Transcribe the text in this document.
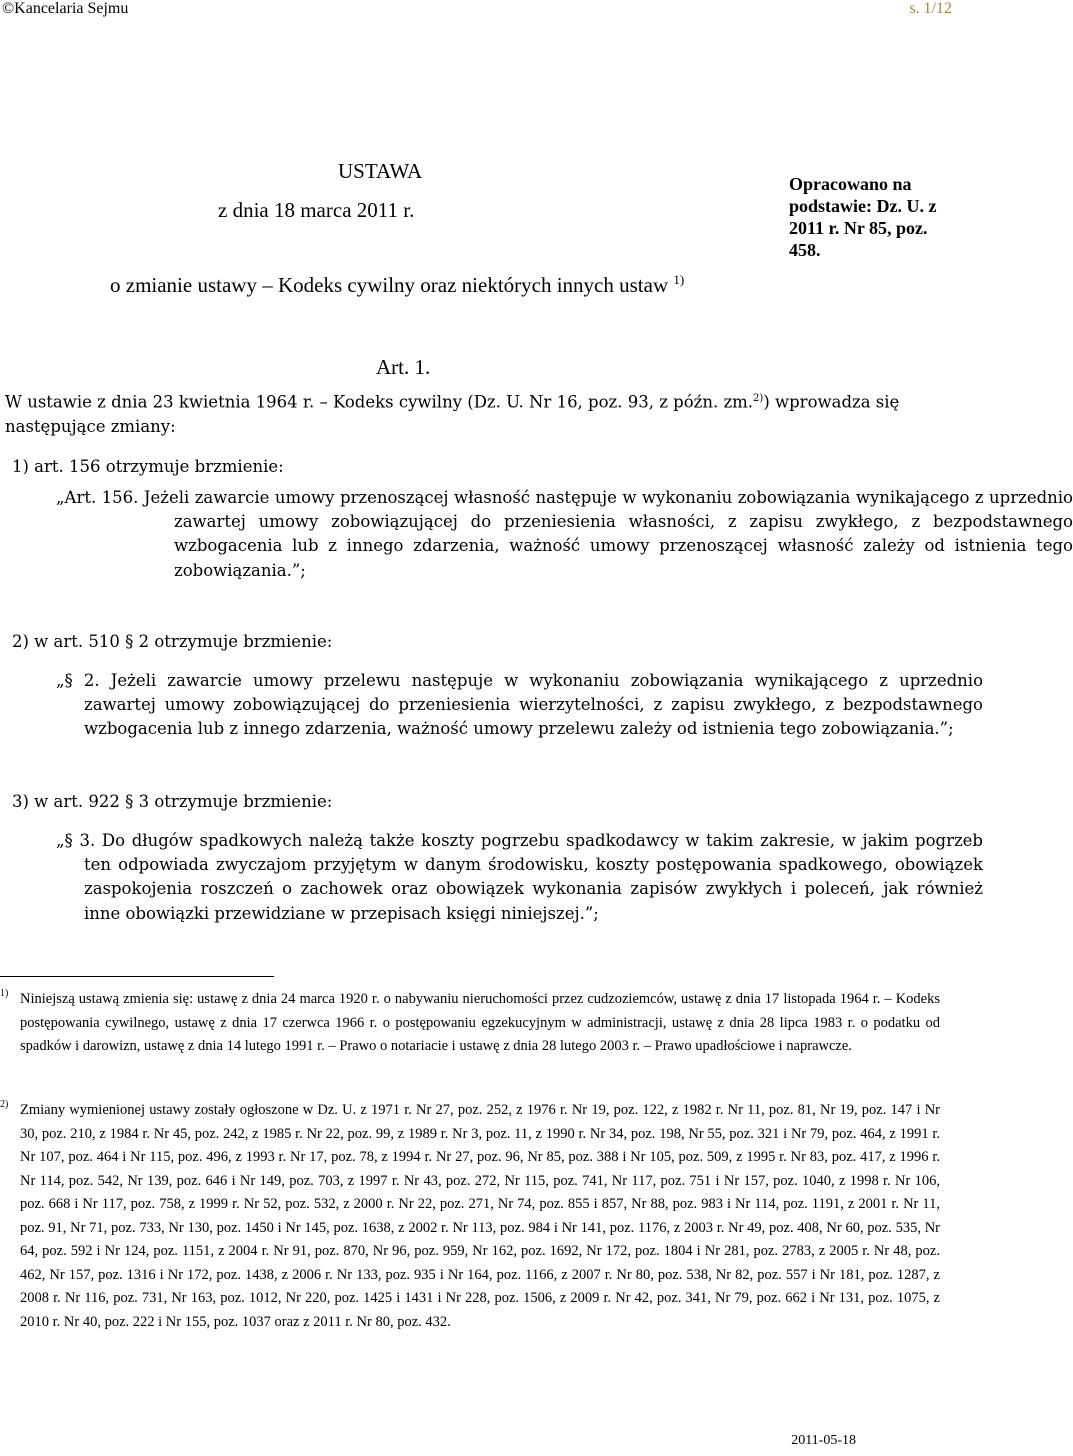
©Kancelaria Sejmu	s. 1/12
USTAWA
z dnia 18 marca 2011 r.
Opracowano na podstawie: Dz. U. z 2011 r. Nr 85, poz. 458.
o zmianie ustawy – Kodeks cywilny oraz niektórych innych ustaw $^{1)}$
Art. 1.
W ustawie z dnia 23 kwietnia 1964 r. – Kodeks cywilny (Dz. U. Nr 16, poz. 93, z późn. zm.$^{2)}$) wprowadza się następujące zmiany:
1) art. 156 otrzymuje brzmienie:
„Art. 156. Jeżeli zawarcie umowy przenoszącej własność następuje w wykonaniu zobowiązania wynikającego z uprzednio zawartej umowy zobowiązującej do przeniesienia własności, z zapisu zwykłego, z bezpodstawnego wzbogacenia lub z innego zdarzenia, ważność umowy przenoszącej własność zależy od istnienia tego zobowiązania.”;
2) w art. 510 § 2 otrzymuje brzmienie:
„§ 2. Jeżeli zawarcie umowy przelewu następuje w wykonaniu zobowiązania wynikającego z uprzednio zawartej umowy zobowiązującej do przeniesienia wierzytelności, z zapisu zwykłego, z bezpodstawnego wzbogacenia lub z innego zdarzenia, ważność umowy przelewu zależy od istnienia tego zobowiązania.”;
3) w art. 922 § 3 otrzymuje brzmienie:
„§ 3. Do długów spadkowych należą także koszty pogrzebu spadkodawcy w takim zakresie, w jakim pogrzeb ten odpowiada zwyczajom przyjętym w danym środowisku, koszty postępowania spadkowego, obowiązek zaspokojenia roszczeń o zachowek oraz obowiązek wykonania zapisów zwykłych i poleceń, jak również inne obowiązki przewidziane w przepisach księgi niniejszej.”;
1) Niniejszą ustawą zmienia się: ustawę z dnia 24 marca 1920 r. o nabywaniu nieruchomości przez cudzoziemców, ustawę z dnia 17 listopada 1964 r. – Kodeks postępowania cywilnego, ustawę z dnia 17 czerwca 1966 r. o postępowaniu egzekucyjnym w administracji, ustawę z dnia 28 lipca 1983 r. o podatku od spadków i darowizn, ustawę z dnia 14 lutego 1991 r. – Prawo o notariacie i ustawę z dnia 28 lutego 2003 r. – Prawo upadłościowe i naprawcze.
2) Zmiany wymienionej ustawy zostały ogłoszone w Dz. U. z 1971 r. Nr 27, poz. 252, z 1976 r. Nr 19, poz. 122, z 1982 r. Nr 11, poz. 81, Nr 19, poz. 147 i Nr 30, poz. 210, z 1984 r. Nr 45, poz. 242, z 1985 r. Nr 22, poz. 99, z 1989 r. Nr 3, poz. 11, z 1990 r. Nr 34, poz. 198, Nr 55, poz. 321 i Nr 79, poz. 464, z 1991 r. Nr 107, poz. 464 i Nr 115, poz. 496, z 1993 r. Nr 17, poz. 78, z 1994 r. Nr 27, poz. 96, Nr 85, poz. 388 i Nr 105, poz. 509, z 1995 r. Nr 83, poz. 417, z 1996 r. Nr 114, poz. 542, Nr 139, poz. 646 i Nr 149, poz. 703, z 1997 r. Nr 43, poz. 272, Nr 115, poz. 741, Nr 117, poz. 751 i Nr 157, poz. 1040, z 1998 r. Nr 106, poz. 668 i Nr 117, poz. 758, z 1999 r. Nr 52, poz. 532, z 2000 r. Nr 22, poz. 271, Nr 74, poz. 855 i 857, Nr 88, poz. 983 i Nr 114, poz. 1191, z 2001 r. Nr 11, poz. 91, Nr 71, poz. 733, Nr 130, poz. 1450 i Nr 145, poz. 1638, z 2002 r. Nr 113, poz. 984 i Nr 141, poz. 1176, z 2003 r. Nr 49, poz. 408, Nr 60, poz. 535, Nr 64, poz. 592 i Nr 124, poz. 1151, z 2004 r. Nr 91, poz. 870, Nr 96, poz. 959, Nr 162, poz. 1692, Nr 172, poz. 1804 i Nr 281, poz. 2783, z 2005 r. Nr 48, poz. 462, Nr 157, poz. 1316 i Nr 172, poz. 1438, z 2006 r. Nr 133, poz. 935 i Nr 164, poz. 1166, z 2007 r. Nr 80, poz. 538, Nr 82, poz. 557 i Nr 181, poz. 1287, z 2008 r. Nr 116, poz. 731, Nr 163, poz. 1012, Nr 220, poz. 1425 i 1431 i Nr 228, poz. 1506, z 2009 r. Nr 42, poz. 341, Nr 79, poz. 662 i Nr 131, poz. 1075, z 2010 r. Nr 40, poz. 222 i Nr 155, poz. 1037 oraz z 2011 r. Nr 80, poz. 432.
2011-05-18
